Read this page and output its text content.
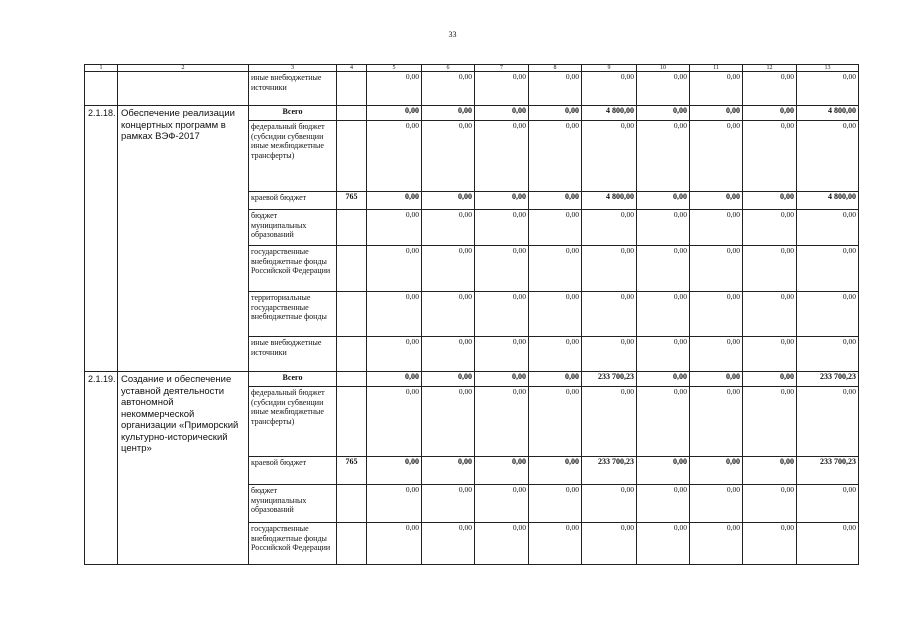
33
1	2	3	4	5	6	7	8	9	10	11	12	13
		иные внебюджетные источники		0,00	0,00	0,00	0,00	0,00	0,00	0,00	0,00	0,00
2.1.18.	Обеспечение реализации концертных программ в рамках ВЭФ-2017	Всего		0,00	0,00	0,00	0,00	4 800,00	0,00	0,00	0,00	4 800,00
		федеральный бюджет (субсидии субвенции иные межбюджетные трансферты)		0,00	0,00	0,00	0,00	0,00	0,00	0,00	0,00	0,00
		краевой бюджет	765	0,00	0,00	0,00	0,00	4 800,00	0,00	0,00	0,00	4 800,00
		бюджет муниципальных образований		0,00	0,00	0,00	0,00	0,00	0,00	0,00	0,00	0,00
		государственные внебюджетные фонды Российской Федерации		0,00	0,00	0,00	0,00	0,00	0,00	0,00	0,00	0,00
		территориальные государственные внебюджетные фонды		0,00	0,00	0,00	0,00	0,00	0,00	0,00	0,00	0,00
		иные внебюджетные источники		0,00	0,00	0,00	0,00	0,00	0,00	0,00	0,00	0,00
2.1.19.	Создание и обеспечение уставной деятельности автономной некоммерческой организации «Приморский культурно-исторический центр»	Всего		0,00	0,00	0,00	0,00	233 700,23	0,00	0,00	0,00	233 700,23
		федеральный бюджет (субсидии субвенции иные межбюджетные трансферты)		0,00	0,00	0,00	0,00	0,00	0,00	0,00	0,00	0,00
		краевой бюджет	765	0,00	0,00	0,00	0,00	233 700,23	0,00	0,00	0,00	233 700,23
		бюджет муниципальных образований		0,00	0,00	0,00	0,00	0,00	0,00	0,00	0,00	0,00
		государственные внебюджетные фонды Российской Федерации		0,00	0,00	0,00	0,00	0,00	0,00	0,00	0,00	0,00
